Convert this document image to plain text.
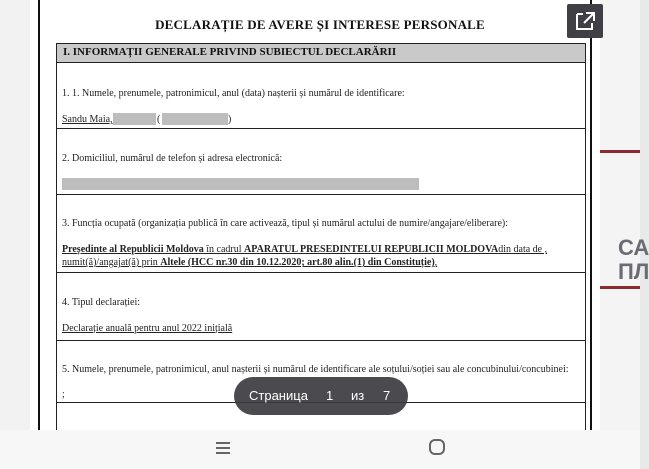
СА ПЛ
DECLARAȚIE DE AVERE ȘI INTERESE PERSONALE
I. INFORMAȚII GENERALE PRIVIND SUBIECTUL DECLARĂRII
1. 1. Numele, prenumele, patronimicul, anul (data) nașterii și numărul de identificare:
Sandu Maia,	(	)
2. Domiciliul, numărul de telefon și adresa electronică:
3. Funcția ocupată (organizația publică în care activează, tipul și numărul actului de numire/angajare/eliberare):
Președinte al Republicii Moldova în cadrul APARATUL PRESEDINTELUI REPUBLICII MOLDOVAdin data de ,
numit(ă)/angajat(ă) prin Altele (HCC nr.30 din 10.12.2020; art.80 alin.(1) din Constituție),
4. Tipul declarației:
Declarație anuală pentru anul 2022 inițială
5. Numele, prenumele, patronimicul, anul nașterii și numărul de identificare ale soțului/soției sau ale concubinului/concubinei:
;	Страница 1 из 7
